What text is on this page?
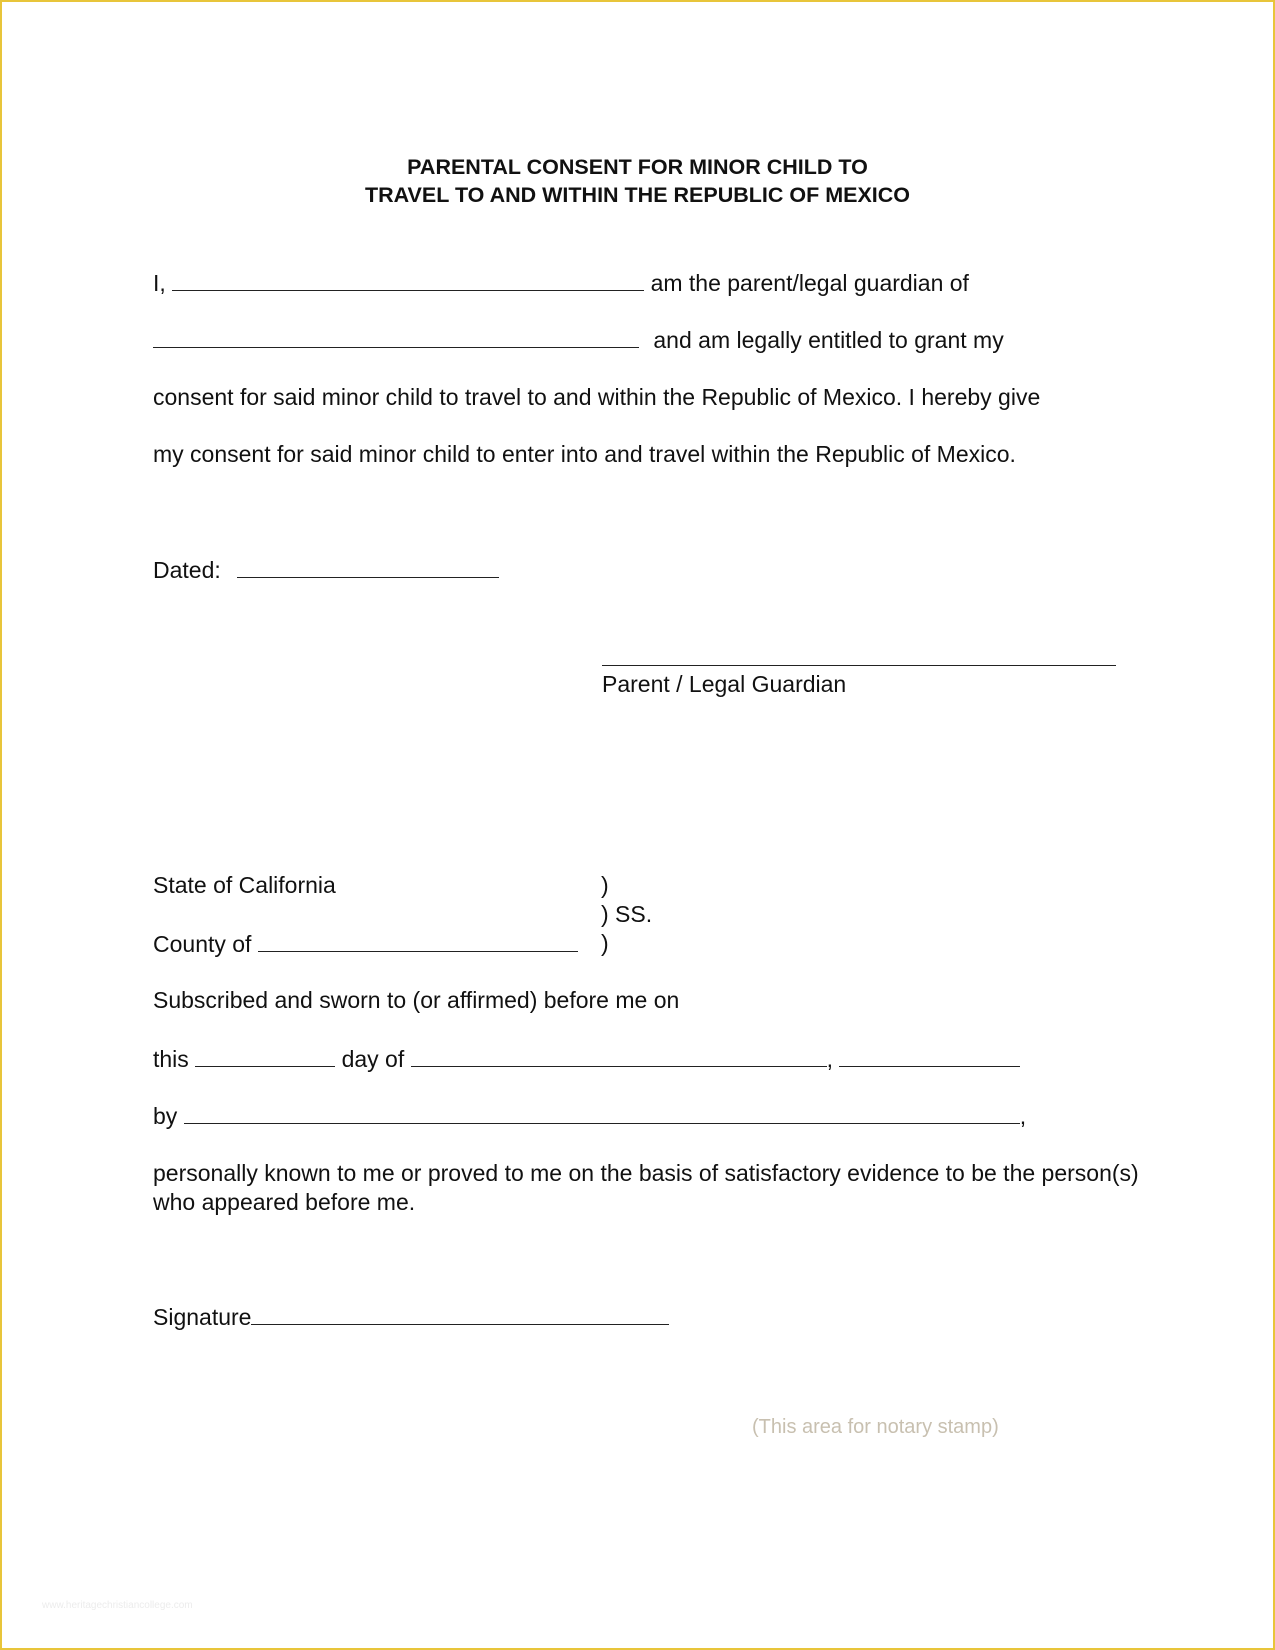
PARENTAL CONSENT FOR MINOR CHILD TO
TRAVEL TO AND WITHIN THE REPUBLIC OF MEXICO
I,	am the parent/legal guardian of
and am legally entitled to grant my
consent for said minor child to travel to and within the Republic of Mexico. I hereby give
my consent for said minor child to enter into and travel within the Republic of Mexico.
Dated:
Parent / Legal Guardian
State of California	)
) SS.
County of	)
Subscribed and sworn to (or affirmed) before me on
this	day of	,
by	,
personally known to me or proved to me on the basis of satisfactory evidence to be the person(s) who appeared before me.
Signature
(This area for notary stamp)
www.heritagechristiancollege.com
